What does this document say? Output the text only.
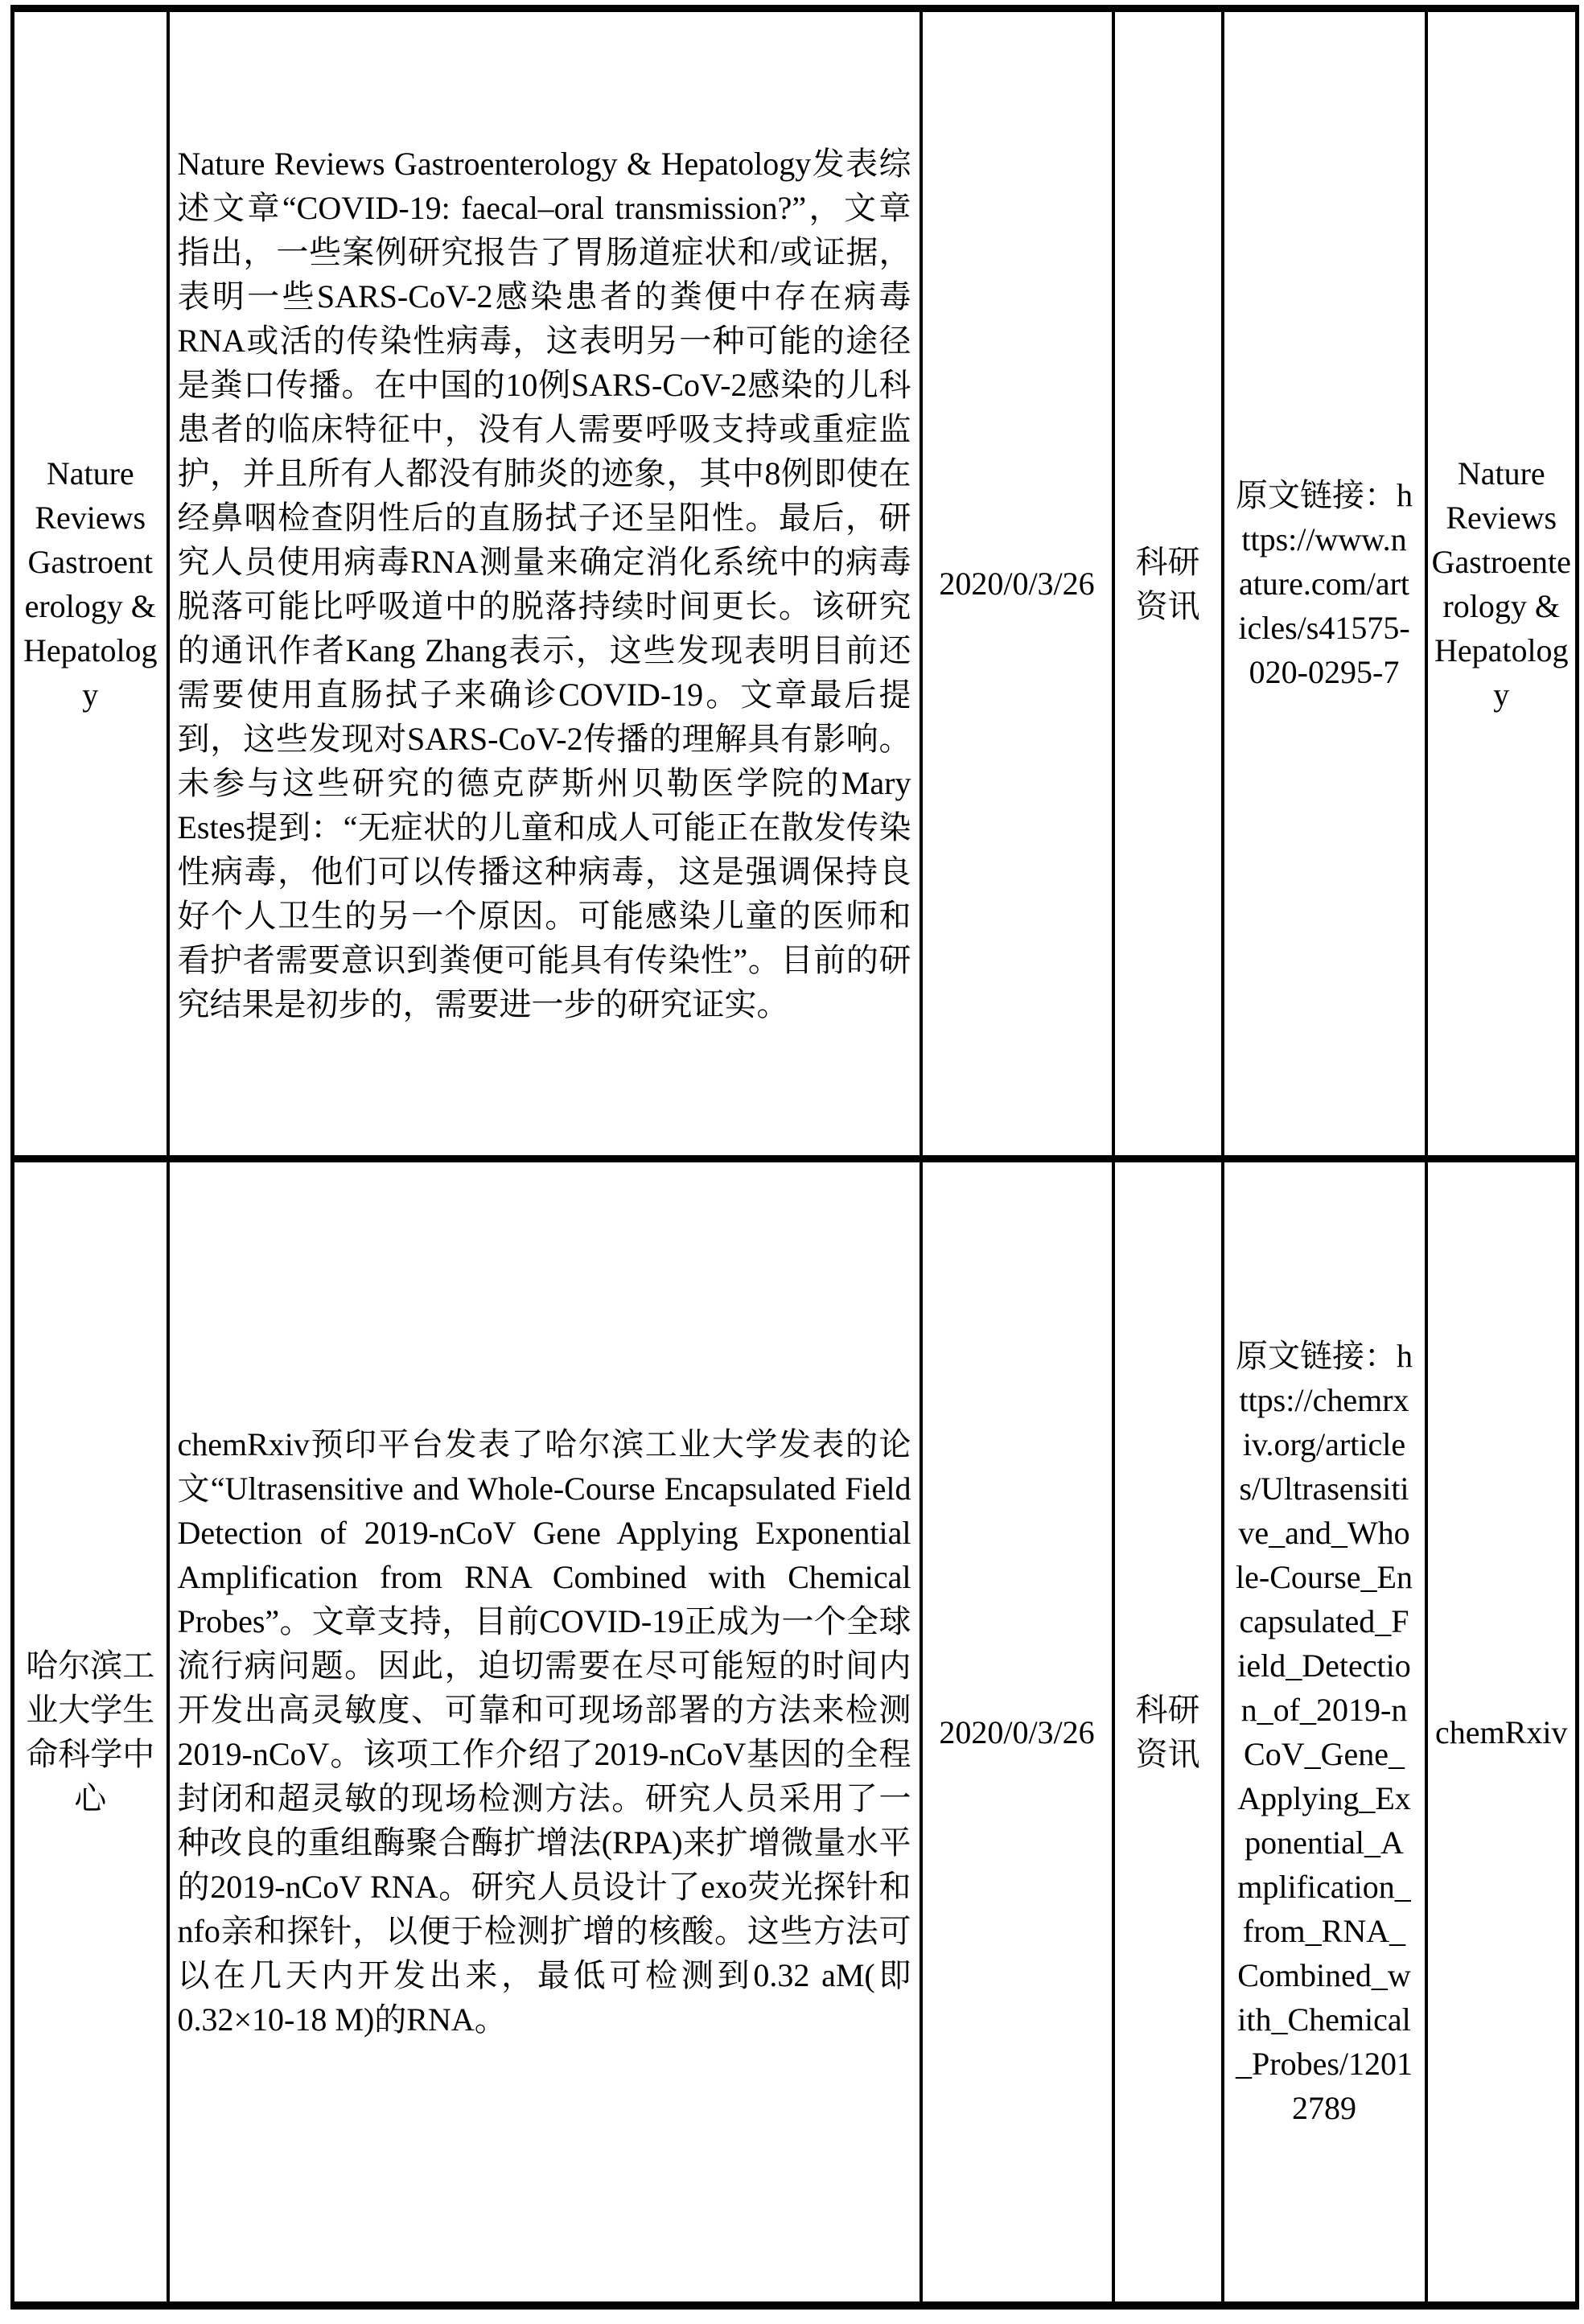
Nature Reviews Gastroenterology & Hepatology	Nature Reviews Gastroenterology & Hepatology发表综述文章“COVID-19: faecal–oral transmission?”，文章指出，一些案例研究报告了胃肠道症状和/或证据，表明一些SARS-CoV-2感染患者的粪便中存在病毒RNA或活的传染性病毒，这表明另一种可能的途径是粪口传播。在中国的10例SARS-CoV-2感染的儿科患者的临床特征中，没有人需要呼吸支持或重症监护，并且所有人都没有肺炎的迹象，其中8例即使在经鼻咽检查阴性后的直肠拭子还呈阳性。最后，研究人员使用病毒RNA测量来确定消化系统中的病毒脱落可能比呼吸道中的脱落持续时间更长。该研究的通讯作者Kang Zhang表示，这些发现表明目前还需要使用直肠拭子来确诊COVID-19。文章最后提到，这些发现对SARS-CoV-2传播的理解具有影响。未参与这些研究的德克萨斯州贝勒医学院的Mary Estes提到：“无症状的儿童和成人可能正在散发传染性病毒，他们可以传播这种病毒，这是强调保持良好个人卫生的另一个原因。可能感染儿童的医师和看护者需要意识到粪便可能具有传染性”。目前的研究结果是初步的，需要进一步的研究证实。	2020/0/3/26	科研资讯	原文链接：https://www.nature.com/articles/s41575-020-0295-7	Nature Reviews Gastroenterology & Hepatology

哈尔滨工业大学生命科学中心	chemRxiv预印平台发表了哈尔滨工业大学发表的论文“Ultrasensitive and Whole-Course Encapsulated Field Detection of 2019-nCoV Gene Applying Exponential Amplification from RNA Combined with Chemical Probes”。文章支持，目前COVID-19正成为一个全球流行病问题。因此，迫切需要在尽可能短的时间内开发出高灵敏度、可靠和可现场部署的方法来检测2019-nCoV。该项工作介绍了2019-nCoV基因的全程封闭和超灵敏的现场检测方法。研究人员采用了一种改良的重组酶聚合酶扩增法(RPA)来扩增微量水平的2019-nCoV RNA。研究人员设计了exo荧光探针和nfo亲和探针，以便于检测扩增的核酸。这些方法可以在几天内开发出来，最低可检测到0.32 aM(即0.32×10-18 M)的RNA。	2020/0/3/26	科研资讯	原文链接：https://chemrxiv.org/articles/Ultrasensitive_and_Whole-Course_Encapsulated_Field_Detection_of_2019-nCoV_Gene_Applying_Exponential_Amplification_from_RNA_Combined_with_Chemical_Probes/12012789	chemRxiv
